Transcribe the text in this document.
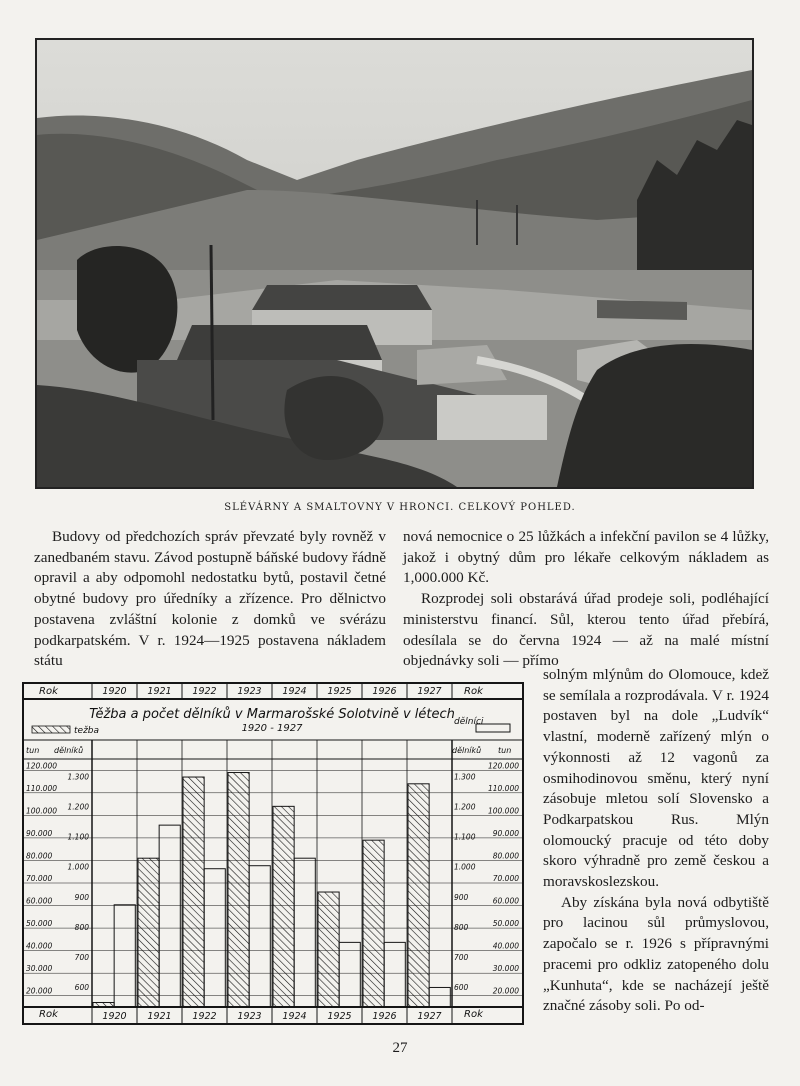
SLÉVÁRNY A SMALTOVNY V HRONCI. CELKOVÝ POHLED.

Budovy od předchozích správ převzaté byly rovněž v zanedbaném stavu. Závod postupně báňské budovy řádně opravil a aby odpomohl nedostatku bytů, postavil četné obytné budovy pro úředníky a zřízence. Pro dělnictvo postavena zvláštní kolonie z domků ve svérázu podkarpatském. V r. 1924—1925 postavena nákladem státu

nová nemocnice o 25 lůžkách a infekční pavilon se 4 lůžky, jakož i obytný dům pro lékaře celkovým nákladem as 1,000.000 Kč.

Rozprodej soli obstarává úřad prodeje soli, podléhající ministerstvu financí. Sůl, kterou tento úřad přebírá, odesílala se do června 1924 — až na malé místní objednávky soli — přímo

solným mlýnům do Olomouce, kdež se semílala a rozprodávala. V r. 1924 postaven byl na dole „Ludvík“ vlastní, moderně zařízený mlýn o výkonnosti až 12 vagonů za osmihodinovou směnu, který nyní zásobuje mletou solí Slovensko a Podkarpatskou Rus. Mlýn olomoucký pracuje od této doby skoro výhradně pro země českou a moravskoslezskou.

Aby získána byla nová odbytiště pro lacinou sůl průmyslovou, započalo se r. 1926 s přípravnými pracemi pro odkliz zatopeného dolu „Kunhuta“, kde se nacházejí ještě značné zásoby soli. Po od-

120.000	120.000
110.000	110.000
100.000	100.000
90.000	90.000
80.000	80.000
70.000	70.000
60.000	60.000
50.000	50.000
40.000	40.000
30.000	30.000
20.000	20.000
1.300	1.300
1.200	1.200
1.100	1.100
1.000	1.000
900	900
800	800
700	700
600	600
1920
1920
1921
1921
1922
1922
1923
1923
1924
1924
1925
1925
1926
1926
1927
1927
Těžba a počet dělníků v Marmarošské Solotvině v létech
1920 - 1927
Rok	Rok
Rok	Rok
težba
dělníci
tun dělníků	dělníků tun
27
